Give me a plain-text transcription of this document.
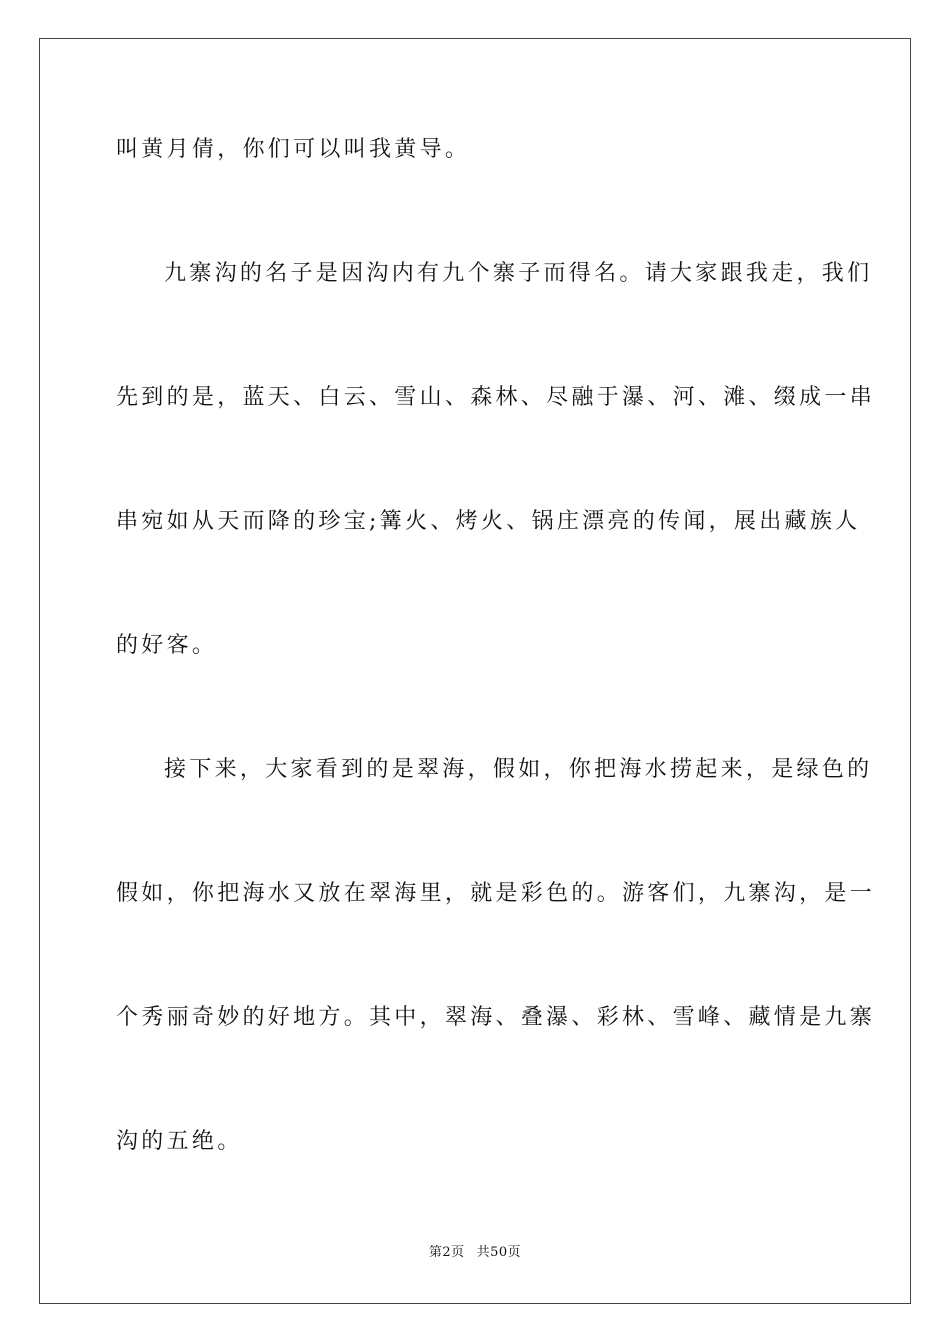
叫黄月倩，你们可以叫我黄导。

九寨沟的名子是因沟内有九个寨子而得名。请大家跟我走，我们

先到的是，蓝天、白云、雪山、森林、尽融于瀑、河、滩、缀成一串

串宛如从天而降的珍宝;篝火、烤火、锅庄漂亮的传闻，展出藏族人

的好客。

接下来，大家看到的是翠海，假如，你把海水捞起来，是绿色的

假如，你把海水又放在翠海里，就是彩色的。游客们，九寨沟，是一

个秀丽奇妙的好地方。其中，翠海、叠瀑、彩林、雪峰、藏情是九寨

沟的五绝。

第2页 共50页
